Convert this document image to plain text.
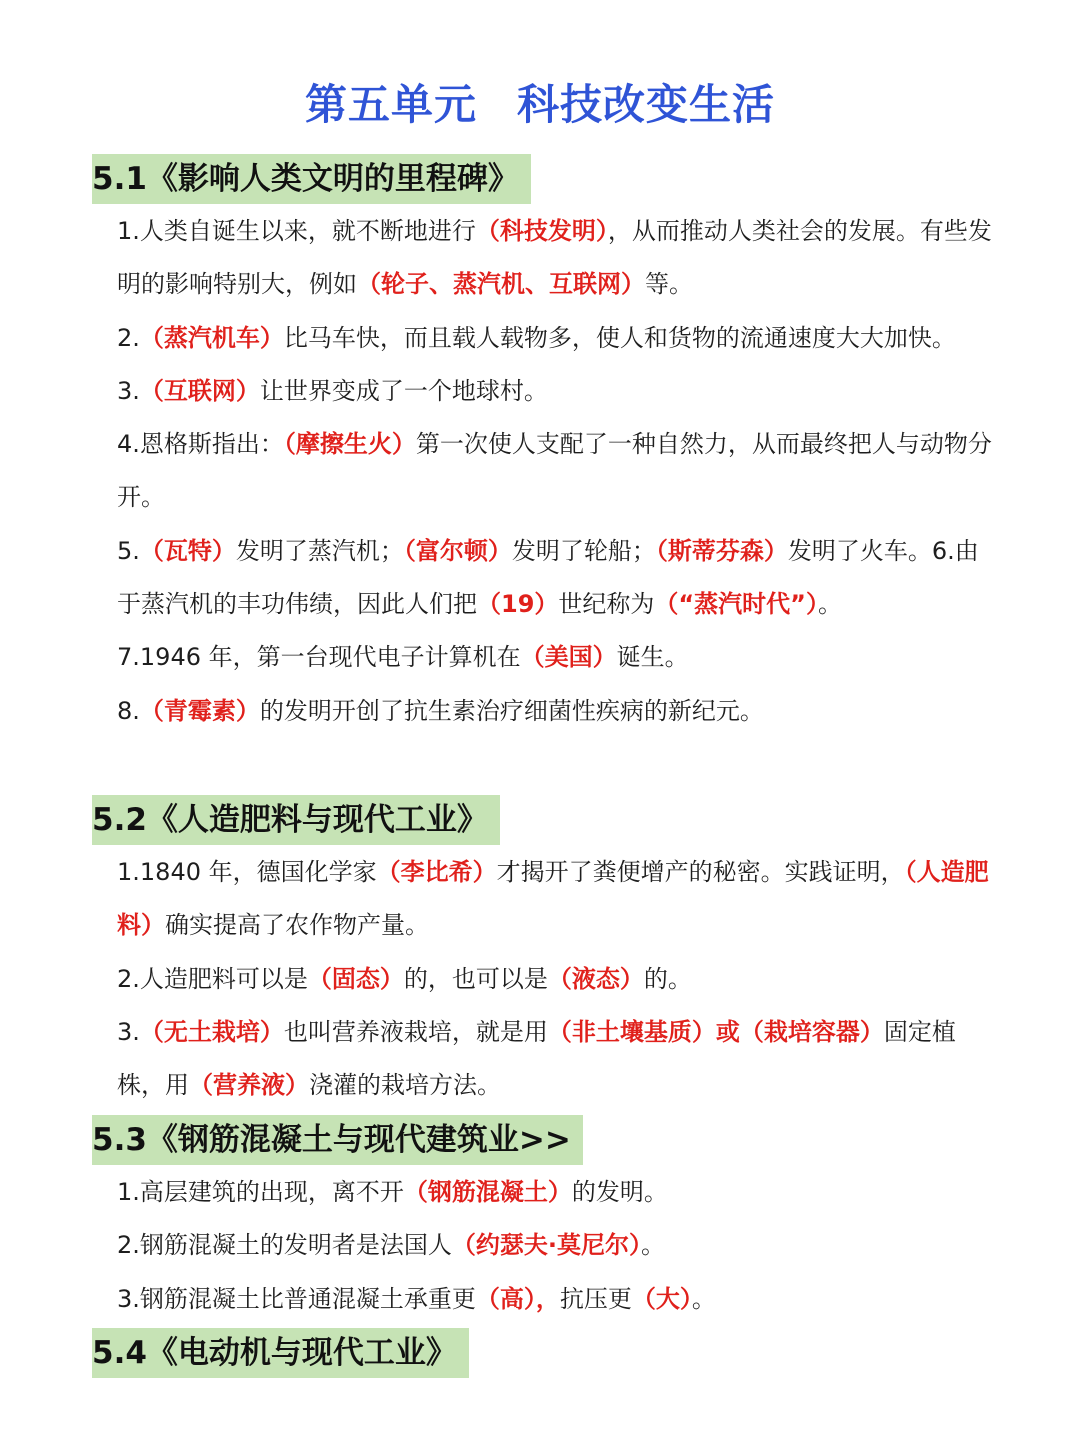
第五单元 科技改变生活
5.1《影响人类文明的里程碑》

1.人类自诞生以来，就不断地进行（科技发明），从而推动人类社会的发展。有些发明的影响特别大，例如（轮子、蒸汽机、互联网）等。

2.（蒸汽机车）比马车快，而且载人载物多，使人和货物的流通速度大大加快。

3.（互联网）让世界变成了一个地球村。

4.恩格斯指出：（摩擦生火）第一次使人支配了一种自然力，从而最终把人与动物分开。

5.（瓦特）发明了蒸汽机；（富尔顿）发明了轮船；（斯蒂芬森）发明了火车。6.由于蒸汽机的丰功伟绩，因此人们把（19）世纪称为（“蒸汽时代”）。

7.1946 年，第一台现代电子计算机在（美国）诞生。

8.（青霉素）的发明开创了抗生素治疗细菌性疾病的新纪元。

5.2《人造肥料与现代工业》

1.1840 年，德国化学家（李比希）才揭开了粪便增产的秘密。实践证明，（人造肥料）确实提高了农作物产量。

2.人造肥料可以是（固态）的，也可以是（液态）的。

3.（无土栽培）也叫营养液栽培，就是用（非土壤基质）或（栽培容器）固定植株，用（营养液）浇灌的栽培方法。

5.3《钢筋混凝土与现代建筑业>>

1.高层建筑的出现，离不开（钢筋混凝土）的发明。

2.钢筋混凝土的发明者是法国人（约瑟夫·莫尼尔）。

3.钢筋混凝土比普通混凝土承重更（高），抗压更（大）。

5.4《电动机与现代工业》
